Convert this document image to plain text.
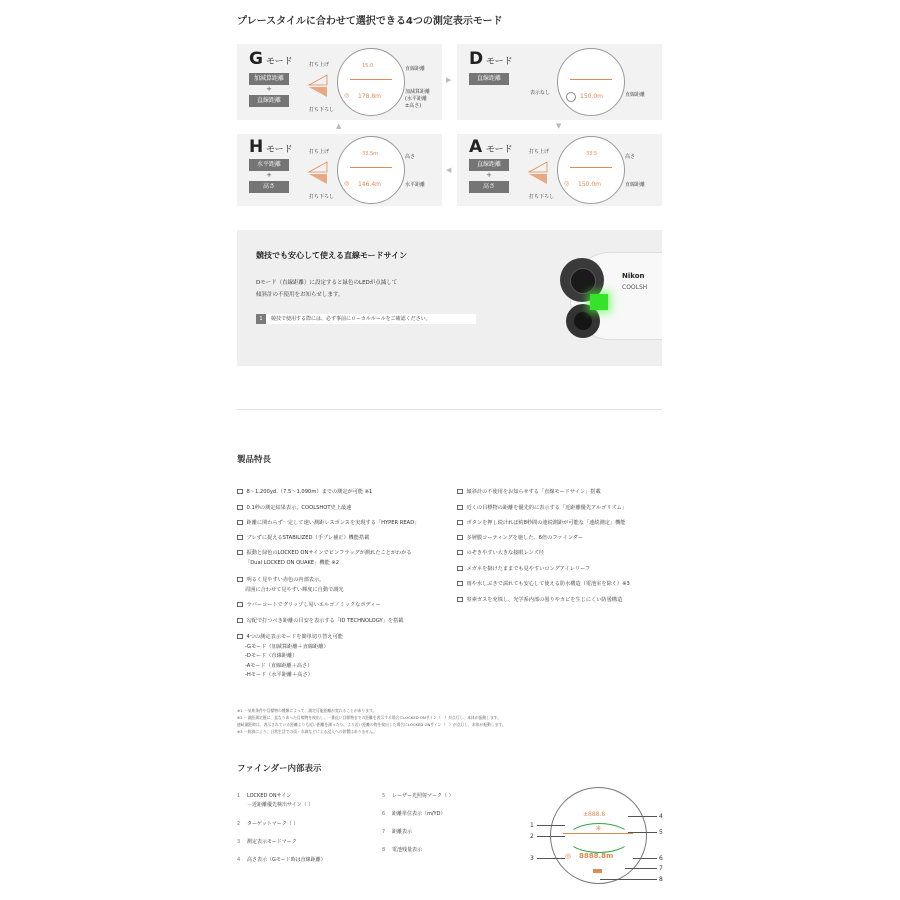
プレースタイルに合わせて選択できる4つの測定表示モード
G モード
加減算距離
+
直線距離
打ち上げ
打ち下ろし
15.0
◎ 178.8m
直線距離
加減算距離
(水平距離
±高さ)
▶
▼
◀
▲
D モード
直線距離
表示なし	150.0m	直線距離
H モード
水平距離
+
高さ
打ち上げ
打ち下ろし
33.5m
◎ 146.4m
高さ
水平距離
A モード
直線距離
+
高さ
打ち上げ
打ち下ろし
33.5
◎ 150.0m
高さ
直線距離
競技でも安心して使える直線モードサイン
Dモード（直線距離）に設定すると緑色のLEDが点滅して
傾斜計の不使用をお知らせします。
1	競技で使用する際には、必ず事前にローカルルールをご確認ください。
Nikon
COOLSH
製品特長
※1 －気象条件や目標物の種類によって、測定可能距離が変わることがあります。
※2 －測距測定後に、直なりあった目標物を検出し、一番近い目標物までの距離を表示する場合にLOCKED ONサイン（　）が点灯し、本体が振動します。
連続測距時は、表示されている距離よりも近い距離を測ったり、より近い距離の物を検出した場合にLOCKED ONサイン（　）が点灯し、本体が振動します。
※3 －防滴により、日常生活での雨・水滴などによる浸入への影響はありません。
ファインダー内部表示
1 LOCKED ONサイン
－近距離優先検出サイン（ ）
2 ターゲットマーク（ ）
3 測定表示モードマーク
4 高さ表示（Gモード時は直線距離）
5 レーザー光照射マーク（ ）
6 距離単位表示（m/YD）
7 距離表示
8 電池残量表示
±888.8
✳
◎ 8888.8m
1
2
3
4
5
6
7
8
8～1,200yd.（7.5～1,090m）までの測定が可能 ※1
0.1秒の測定結果表示、COOLSHOT史上最速
距離に関わらず一定して速い測距レスポンスを実現する「HYPER READ」
ブレずに捉えるSTABILIZED（手ブレ補正）機能搭載
振動と緑色のLOCKED ONサインでピンフラッグが測れたことがわかる
「Dual LOCKED ON QUAKE」機能 ※2
明るく見やすい赤色の内部表示。
周囲に合わせて見やすい輝度に自動で調光
ラバーコートでグリップし易いエルゴノミックなボディー
勾配で打つべき距離の目安を表示する「ID TECHNOLOGY」を搭載
4つの測定表示モードを簡単切り替え可能
-Gモード（加減算距離＋直線距離）
-Dモード（直線距離）
-Aモード（直線距離＋高さ）
-Hモード（水平距離＋高さ）
傾斜計の不使用をお知らせする「直線モードサイン」搭載
近くの目標物の距離を優先的に表示する「近距離優先アルゴリズム」
ボタンを押し続ければ約8秒間の連続測距が可能な「連続測定」機能
多層膜コーティングを施した、6倍のファインダー
のぞきやすい大きな接眼レンズ径
メガネを掛けたままでも見やすいロングアイレリーフ
雨や水しぶきで濡れても安心して使える防水構造（電池室を除く）※3
窒素ガスを充填し、光学系内部の曇りやカビを生じにくい防曇構造
